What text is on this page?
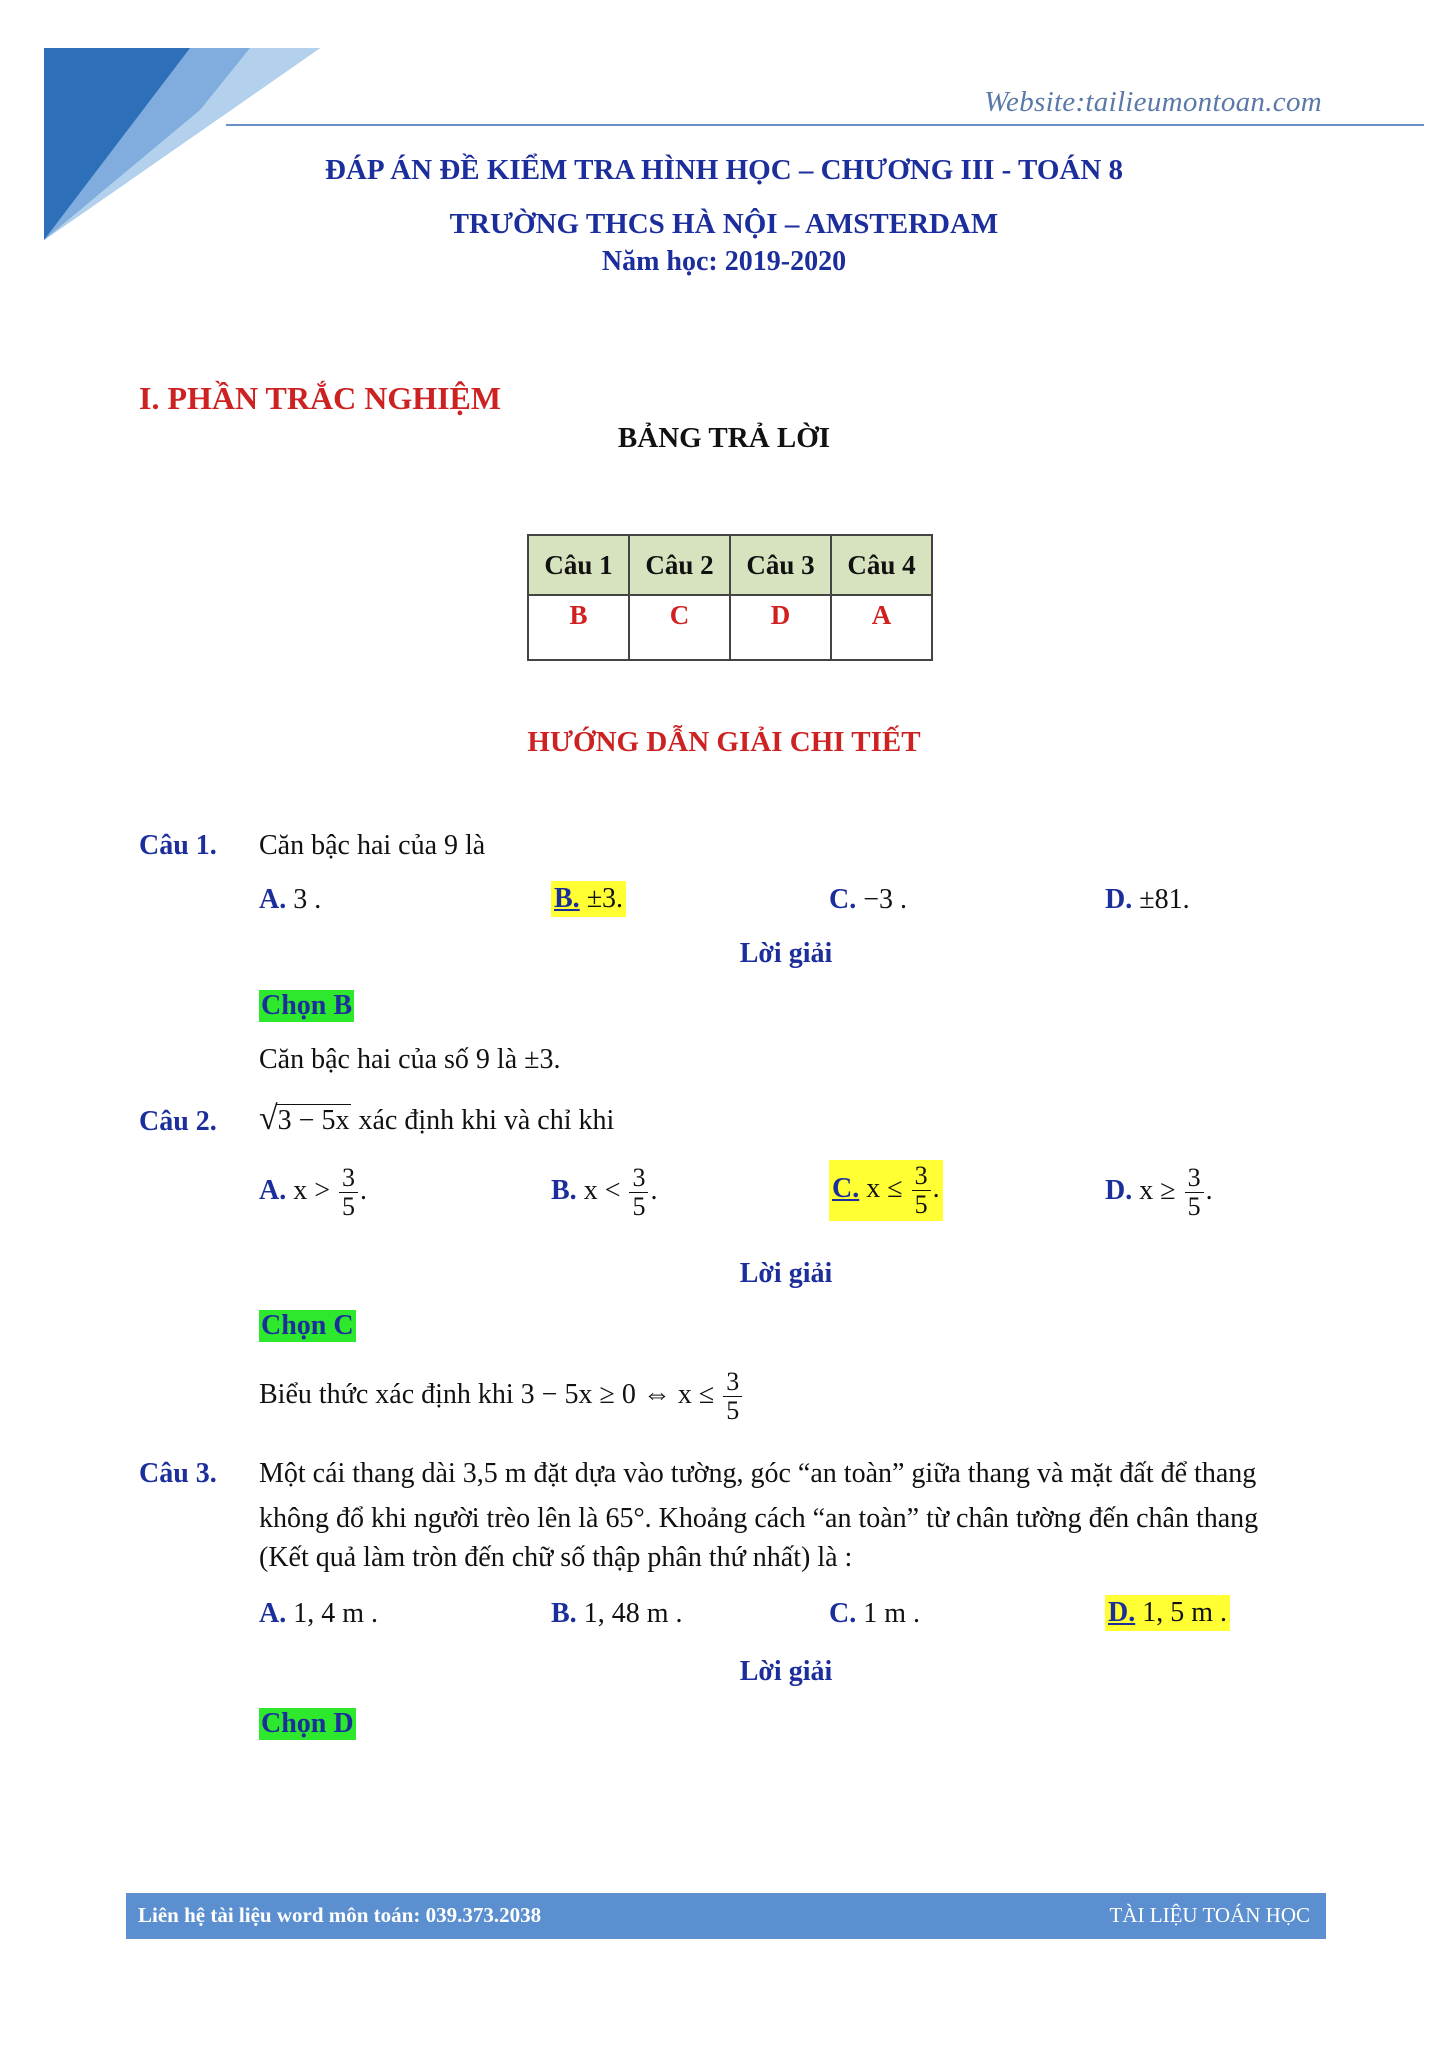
Website:tailieumontoan.com
ĐÁP ÁN ĐỀ KIỂM TRA HÌNH HỌC – CHƯƠNG III - TOÁN 8
TRƯỜNG THCS HÀ NỘI – AMSTERDAM
Năm học: 2019-2020
I. PHẦN TRẮC NGHIỆM
BẢNG TRẢ LỜI
Câu 1	Câu 2	Câu 3	Câu 4
B	C	D	A
HƯỚNG DẪN GIẢI CHI TIẾT
Câu 1. Căn bậc hai của 9 là
A. 3 .	B. ±3.	C. −3 .	D. ±81.
Lời giải
Chọn B
Căn bậc hai của số 9 là ±3.
Câu 2. √3 − 5x xác định khi và chỉ khi
A. $x > \frac{3}{5}$ .	B. $x < \frac{3}{5}$ .	C. $x \le \frac{3}{5}$ .	D. $x \ge \frac{3}{5}$ .
Lời giải
Chọn C
Biểu thức xác định khi 3 − 5x ≥ 0 ⇔ $x \le \frac{3}{5}$
Câu 3. Một cái thang dài 3,5 m đặt dựa vào tường, góc “an toàn” giữa thang và mặt đất để thang
không đổ khi người trèo lên là 65°. Khoảng cách “an toàn” từ chân tường đến chân thang
(Kết quả làm tròn đến chữ số thập phân thứ nhất) là :
A. 1, 4 m .	B. 1, 48 m .	C. 1 m .	D. 1, 5 m .
Lời giải
Chọn D
Liên hệ tài liệu word môn toán: 039.373.2038	TÀI LIỆU TOÁN HỌC
